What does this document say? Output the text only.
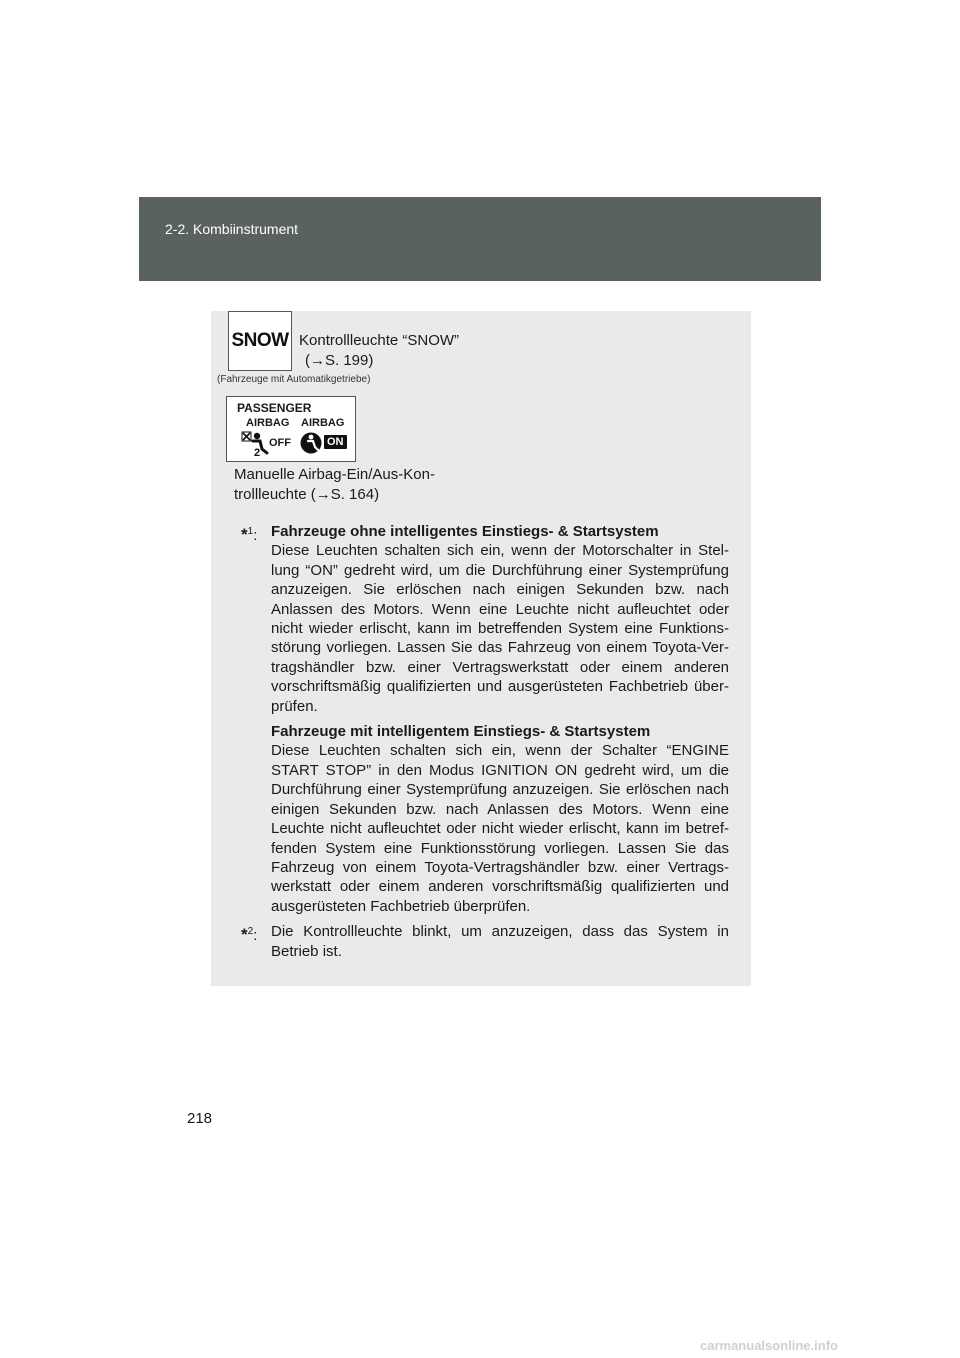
2-2. Kombiinstrument
SNOW Kontrollleuchte “SNOW”
(→S. 199)
(Fahrzeuge mit Automatikgetriebe)
PASSENGER
AIRBAG AIRBAG
2
OFF	ON
Manuelle Airbag-Ein/Aus-Kon-
trollleuchte (→S. 164)
*$^1$: Fahrzeuge ohne intelligentes Einstiegs- & Startsystem

Diese Leuchten schalten sich ein, wenn der Motorschalter in Stel-lung “ON” gedreht wird, um die Durchführung einer Systemprüfung anzuzeigen. Sie erlöschen nach einigen Sekunden bzw. nach Anlassen des Motors. Wenn eine Leuchte nicht aufleuchtet oder nicht wieder erlischt, kann im betreffenden System eine Funktions-störung vorliegen. Lassen Sie das Fahrzeug von einem Toyota-Ver-tragshändler bzw. einer Vertragswerkstatt oder einem anderen vorschriftsmäßig qualifizierten und ausgerüsteten Fachbetrieb über-prüfen.

Fahrzeuge mit intelligentem Einstiegs- & Startsystem

Diese Leuchten schalten sich ein, wenn der Schalter “ENGINE START STOP” in den Modus IGNITION ON gedreht wird, um die Durchführung einer Systemprüfung anzuzeigen. Sie erlöschen nach einigen Sekunden bzw. nach Anlassen des Motors. Wenn eine Leuchte nicht aufleuchtet oder nicht wieder erlischt, kann im betref-fenden System eine Funktionsstörung vorliegen. Lassen Sie das Fahrzeug von einem Toyota-Vertragshändler bzw. einer Vertrags-werkstatt oder einem anderen vorschriftsmäßig qualifizierten und ausgerüsteten Fachbetrieb überprüfen.

*$^2$: Die Kontrollleuchte blinkt, um anzuzeigen, dass das System in Betrieb ist.

218
carmanualsonline.info
